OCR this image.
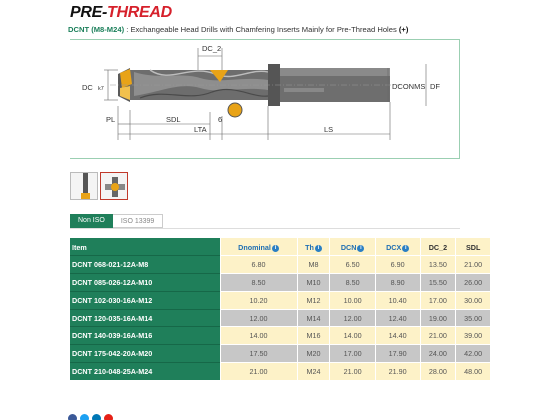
PRE-THREAD
DCNT (M8-M24) : Exchangeable Head Drills with Chamfering Inserts Mainly for Pre-Thread Holes (+)
DC_2
DC k7	DCONMS DF
PL	SDL	6
LTA	LS
Non ISO	ISO 13399
Item	Dnominal i	Th i	DCN i	DCX i	DC_2	SDL
DCNT 068-021-12A-M8	6.80	M8	6.50	6.90	13.50	21.00
DCNT 085-026-12A-M10	8.50	M10	8.50	8.90	15.50	26.00
DCNT 102-030-16A-M12	10.20	M12	10.00	10.40	17.00	30.00
DCNT 120-035-16A-M14	12.00	M14	12.00	12.40	19.00	35.00
DCNT 140-039-16A-M16	14.00	M16	14.00	14.40	21.00	39.00
DCNT 175-042-20A-M20	17.50	M20	17.00	17.90	24.00	42.00
DCNT 210-048-25A-M24	21.00	M24	21.00	21.90	28.00	48.00
